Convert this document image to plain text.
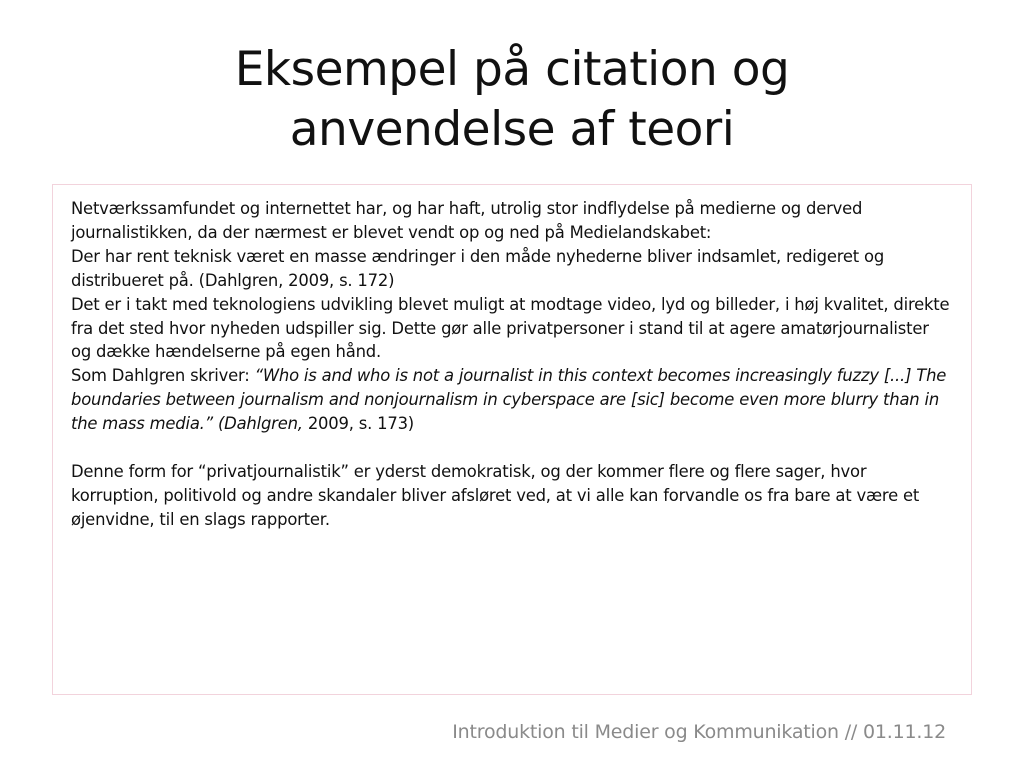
Eksempel på citation og
anvendelse af teori

Netværkssamfundet og internettet har, og har haft, utrolig stor indflydelse på medierne og derved journalistikken, da der nærmest er blevet vendt op og ned på Medielandskabet:

Der har rent teknisk været en masse ændringer i den måde nyhederne bliver indsamlet, redigeret og distribueret på. (Dahlgren, 2009, s. 172)

Det er i takt med teknologiens udvikling blevet muligt at modtage video, lyd og billeder, i høj kvalitet, direkte fra det sted hvor nyheden udspiller sig. Dette gør alle privatpersoner i stand til at agere amatørjournalister og dække hændelserne på egen hånd.

Som Dahlgren skriver: “Who is and who is not a journalist in this context becomes increasingly fuzzy [...] The boundaries between journalism and nonjournalism in cyberspace are [sic] become even more blurry than in the mass media.” (Dahlgren, 2009, s. 173)

Denne form for “privatjournalistik” er yderst demokratisk, og der kommer flere og flere sager, hvor korruption, politivold og andre skandaler bliver afsløret ved, at vi alle kan forvandle os fra bare at være et øjenvidne, til en slags rapporter.

Introduktion til Medier og Kommunikation // 01.11.12
